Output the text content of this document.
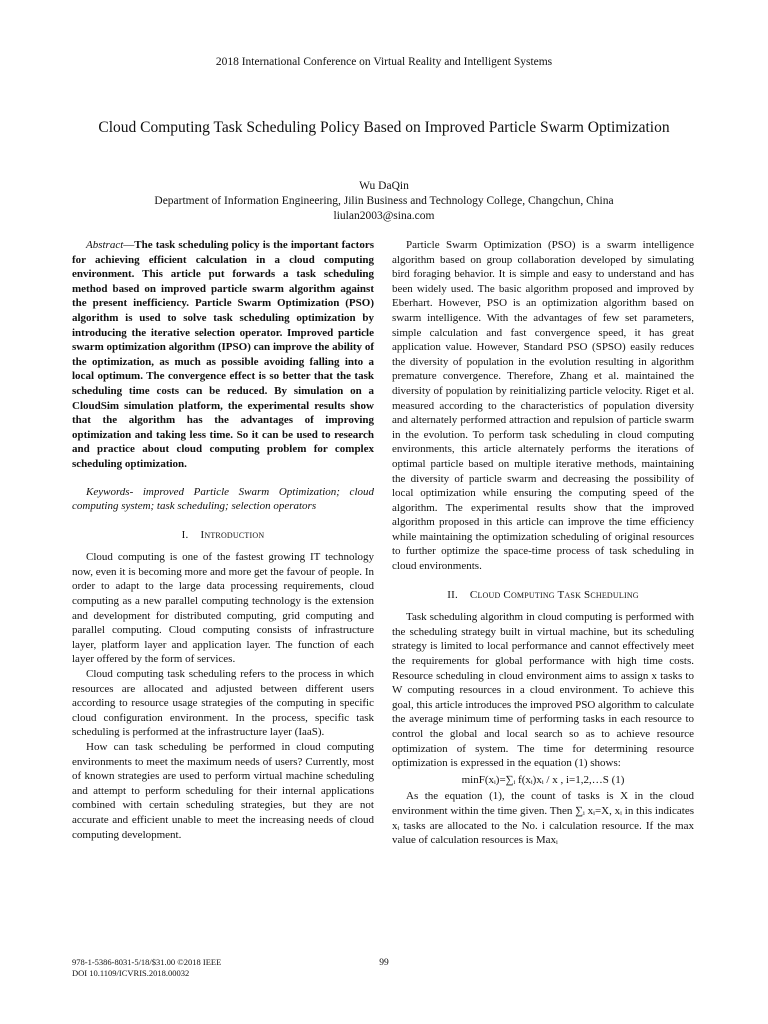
2018 International Conference on Virtual Reality and Intelligent Systems
Cloud Computing Task Scheduling Policy Based on Improved Particle Swarm Optimization
Wu DaQin
Department of Information Engineering, Jilin Business and Technology College, Changchun, China
liulan2003@sina.com

Abstract—The task scheduling policy is the important factors for achieving efficient calculation in a cloud computing environment. This article put forwards a task scheduling method based on improved particle swarm algorithm against the present inefficiency. Particle Swarm Optimization (PSO) algorithm is used to solve task scheduling optimization by introducing the iterative selection operator. Improved particle swarm optimization algorithm (IPSO) can improve the ability of the optimization, as much as possible avoiding falling into a local optimum. The convergence effect is so better that the task scheduling time costs can be reduced. By simulation on a CloudSim simulation platform, the experimental results show that the algorithm has the advantages of improving optimization and taking less time. So it can be used to research and practice about cloud computing problem for complex scheduling optimization.

Keywords- improved Particle Swarm Optimization; cloud computing system; task scheduling; selection operators

I. Introduction

Cloud computing is one of the fastest growing IT technology now, even it is becoming more and more get the favour of people. In order to adapt to the large data processing requirements, cloud computing as a new parallel computing technology is the extension and development for distributed computing, grid computing and parallel computing. Cloud computing consists of infrastructure layer, platform layer and application layer. The function of each layer offered by the form of services.

Cloud computing task scheduling refers to the process in which resources are allocated and adjusted between different users according to resource usage strategies of the computing in specific cloud configuration environment. In the process, specific task scheduling is performed at the infrastructure layer (IaaS).

How can task scheduling be performed in cloud computing environments to meet the maximum needs of users? Currently, most of known strategies are used to perform virtual machine scheduling and attempt to perform scheduling for their internal applications combined with certain scheduling strategies, but they are not accurate and efficient unable to meet the increasing needs of cloud computing development.

Particle Swarm Optimization (PSO) is a swarm intelligence algorithm based on group collaboration developed by simulating bird foraging behavior. It is simple and easy to understand and has been widely used. The basic algorithm proposed and improved by Eberhart. However, PSO is an optimization algorithm based on swarm intelligence. With the advantages of few set parameters, simple calculation and fast convergence speed, it has great application value. However, Standard PSO (SPSO) easily reduces the diversity of population in the evolution resulting in algorithm premature convergence. Therefore, Zhang et al. maintained the diversity of population by reinitializing particle velocity. Riget et al. measured according to the characteristics of population diversity and alternately performed attraction and repulsion of particle swarm in the evolution. To perform task scheduling in cloud computing environments, this article alternately performs the iterations of optimal particle based on multiple iterative methods, maintaining the diversity of particle swarm and decreasing the possibility of local optimization while ensuring the computing speed of the algorithm. The experimental results show that the improved algorithm proposed in this article can improve the time efficiency while maintaining the optimization scheduling of original resources to further optimize the space-time process of task scheduling in cloud environments.

II. Cloud Computing Task Scheduling

Task scheduling algorithm in cloud computing is performed with the scheduling strategy built in virtual machine, but its scheduling strategy is limited to local performance and cannot effectively meet the requirements for global performance with high time costs. Resource scheduling in cloud environment aims to assign x tasks to W computing resources in a cloud environment. To achieve this goal, this article introduces the improved PSO algorithm to calculate the average minimum time of performing tasks in each resource to control the global and local search so as to achieve resource optimization of system. The time for determining resource optimization is expressed in the equation (1) shows:

minF(xᵢ)=∑ᵢ f(xᵢ)xᵢ / x , i=1,2,…S (1)

As the equation (1), the count of tasks is X in the cloud environment within the time given. Then ∑ᵢ xᵢ=X, xᵢ in this indicates xᵢ tasks are allocated to the No. i calculation resource. If the max value of calculation resources is Maxᵢ

978-1-5386-8031-5/18/$31.00 ©2018 IEEE
DOI 10.1109/ICVRIS.2018.00032
99
